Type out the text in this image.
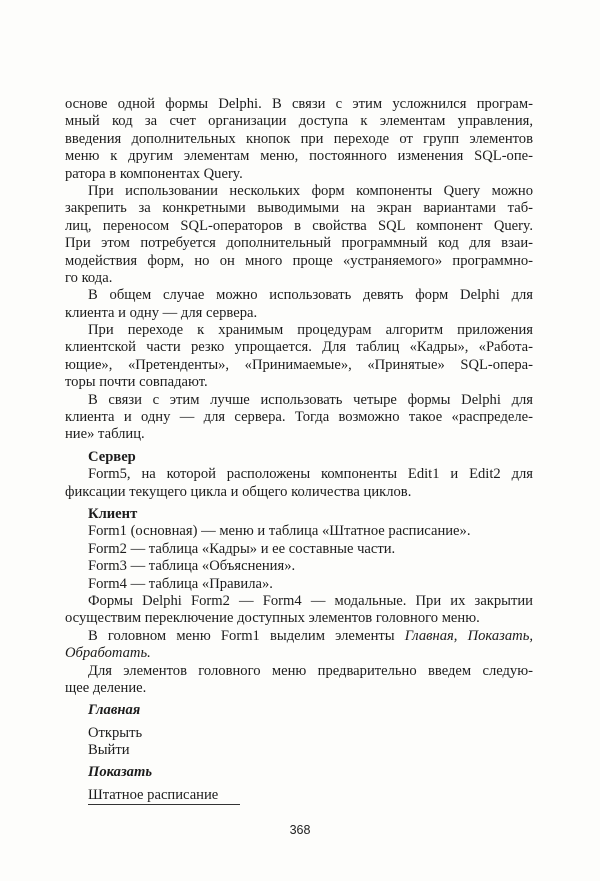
основе одной формы Delphi. В связи с этим усложнился програм-
мный код за счет организации доступа к элементам управления,
введения дополнительных кнопок при переходе от групп элементов
меню к другим элементам меню, постоянного изменения SQL-опе-
ратора в компонентах Query.
При использовании нескольких форм компоненты Query можно
закрепить за конкретными выводимыми на экран вариантами таб-
лиц, переносом SQL-операторов в свойства SQL компонент Query.
При этом потребуется дополнительный программный код для взаи-
модействия форм, но он много проще «устраняемого» программно-
го кода.
В общем случае можно использовать девять форм Delphi для
клиента и одну — для сервера.
При переходе к хранимым процедурам алгоритм приложения
клиентской части резко упрощается. Для таблиц «Кадры», «Работа-
ющие», «Претенденты», «Принимаемые», «Принятые» SQL-опера-
торы почти совпадают.
В связи с этим лучше использовать четыре формы Delphi для
клиента и одну — для сервера. Тогда возможно такое «распределе-
ние» таблиц.
Сервер
Form5, на которой расположены компоненты Edit1 и Edit2 для
фиксации текущего цикла и общего количества циклов.
Клиент
Form1 (основная) — меню и таблица «Штатное расписание».
Form2 — таблица «Кадры» и ее составные части.
Form3 — таблица «Объяснения».
Form4 — таблица «Правила».
Формы Delphi Form2 — Form4 — модальные. При их закрытии
осуществим переключение доступных элементов головного меню.
В головном меню Form1 выделим элементы Главная, Показать,
Обработать.
Для элементов головного меню предварительно введем следую-
щее деление.
Главная
Открыть
Выйти
Показать
Штатное расписание
368
